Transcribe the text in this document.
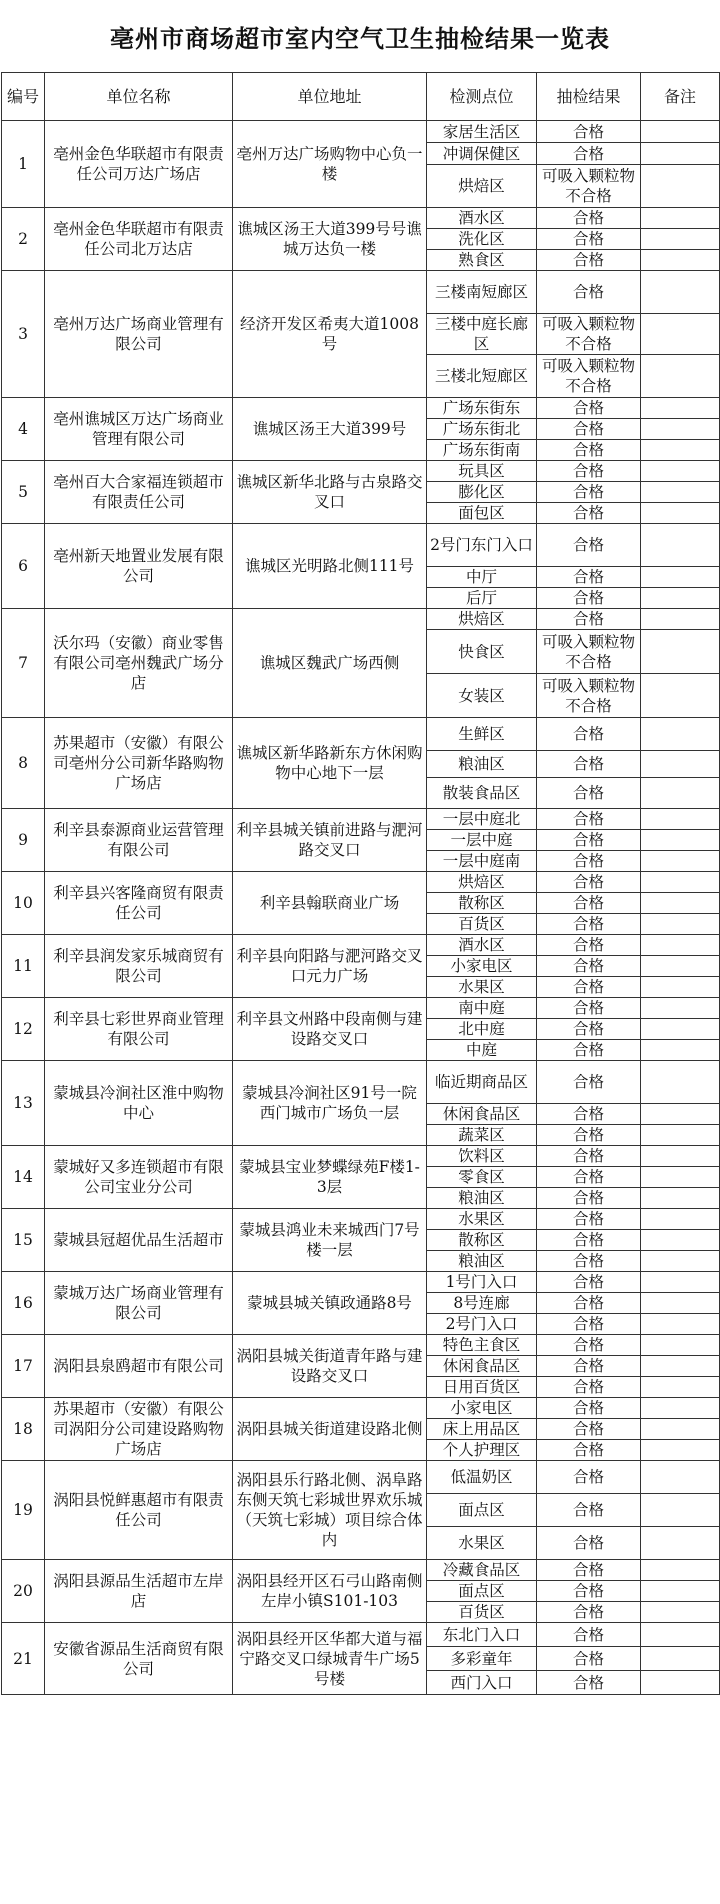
亳州市商场超市室内空气卫生抽检结果一览表
编号	单位名称	单位地址	检测点位	抽检结果	备注
1	亳州金色华联超市有限责任公司万达广场店	亳州万达广场购物中心负一楼	家居生活区	合格	
			冲调保健区	合格	
			烘焙区	可吸入颗粒物不合格	
2	亳州金色华联超市有限责任公司北万达店	谯城区汤王大道399号号谯城万达负一楼	酒水区	合格	
			洗化区	合格	
			熟食区	合格	
3	亳州万达广场商业管理有限公司	经济开发区希夷大道1008号	三楼南短廊区	合格	
			三楼中庭长廊区	可吸入颗粒物不合格	
			三楼北短廊区	可吸入颗粒物不合格	
4	亳州谯城区万达广场商业管理有限公司	谯城区汤王大道399号	广场东街东	合格	
			广场东街北	合格	
			广场东街南	合格	
5	亳州百大合家福连锁超市有限责任公司	谯城区新华北路与古泉路交叉口	玩具区	合格	
			膨化区	合格	
			面包区	合格	
6	亳州新天地置业发展有限公司	谯城区光明路北侧111号	2号门东门入口	合格	
			中厅	合格	
			后厅	合格	
7	沃尔玛（安徽）商业零售有限公司亳州魏武广场分店	谯城区魏武广场西侧	烘焙区	合格	
			快食区	可吸入颗粒物不合格	
			女装区	可吸入颗粒物不合格	
8	苏果超市（安徽）有限公司亳州分公司新华路购物广场店	谯城区新华路新东方休闲购物中心地下一层	生鲜区	合格	
			粮油区	合格	
			散装食品区	合格	
9	利辛县泰源商业运营管理有限公司	利辛县城关镇前进路与淝河路交叉口	一层中庭北	合格	
			一层中庭	合格	
			一层中庭南	合格	
10	利辛县兴客隆商贸有限责任公司	利辛县翰联商业广场	烘焙区	合格	
			散称区	合格	
			百货区	合格	
11	利辛县润发家乐城商贸有限公司	利辛县向阳路与淝河路交叉口元力广场	酒水区	合格	
			小家电区	合格	
			水果区	合格	
12	利辛县七彩世界商业管理有限公司	利辛县文州路中段南侧与建设路交叉口	南中庭	合格	
			北中庭	合格	
			中庭	合格	
13	蒙城县冷涧社区淮中购物中心	蒙城县冷涧社区91号一院西门城市广场负一层	临近期商品区	合格	
			休闲食品区	合格	
			蔬菜区	合格	
14	蒙城好又多连锁超市有限公司宝业分公司	蒙城县宝业梦蝶绿苑F楼1-3层	饮料区	合格	
			零食区	合格	
			粮油区	合格	
15	蒙城县冠超优品生活超市	蒙城县鸿业未来城西门7号楼一层	水果区	合格	
			散称区	合格	
			粮油区	合格	
16	蒙城万达广场商业管理有限公司	蒙城县城关镇政通路8号	1号门入口	合格	
			8号连廊	合格	
			2号门入口	合格	
17	涡阳县泉鸥超市有限公司	涡阳县城关街道青年路与建设路交叉口	特色主食区	合格	
			休闲食品区	合格	
			日用百货区	合格	
18	苏果超市（安徽）有限公司涡阳分公司建设路购物广场店	涡阳县城关街道建设路北侧	小家电区	合格	
			床上用品区	合格	
			个人护理区	合格	
19	涡阳县悦鲜惠超市有限责任公司	涡阳县乐行路北侧、涡阜路东侧天筑七彩城世界欢乐城（天筑七彩城）项目综合体内	低温奶区	合格	
			面点区	合格	
			水果区	合格	
20	涡阳县源品生活超市左岸店	涡阳县经开区石弓山路南侧左岸小镇S101-103	冷藏食品区	合格	
			面点区	合格	
			百货区	合格	
21	安徽省源品生活商贸有限公司	涡阳县经开区华都大道与福宁路交叉口绿城青牛广场5号楼	东北门入口	合格	
			多彩童年	合格	
			西门入口	合格	
